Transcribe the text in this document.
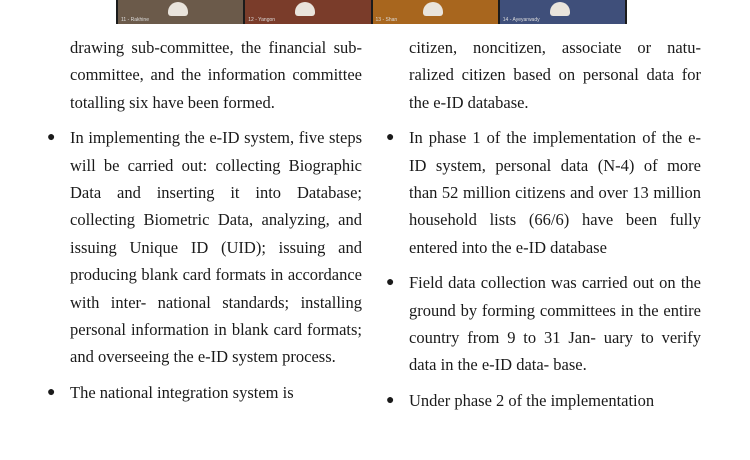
11 - Rakhine	12 - Yangon	13 - Shan	14 - Ayeyarwady

drawing sub-committee, the financial sub-committee, and the information committee totalling six have been formed.

● In implementing the e-ID system, five steps will be carried out: collecting Biographic Data and inserting it into Database; collecting Biometric Data, analyzing, and issuing Unique ID (UID); issuing and producing blank card formats in accordance with inter- national standards; installing personal information in blank card formats; and overseeing the e-ID system process.
● The national integration system is

citizen, noncitizen, associate or natu- ralized citizen based on personal data for the e-ID database.

● In phase 1 of the implementation of the e-ID system, personal data (N-4) of more than 52 million citizens and over 13 million household lists (66/6) have been fully entered into the e-ID database
● Field data collection was carried out on the ground by forming committees in the entire country from 9 to 31 Jan- uary to verify data in the e-ID data- base.
● Under phase 2 of the implementation
